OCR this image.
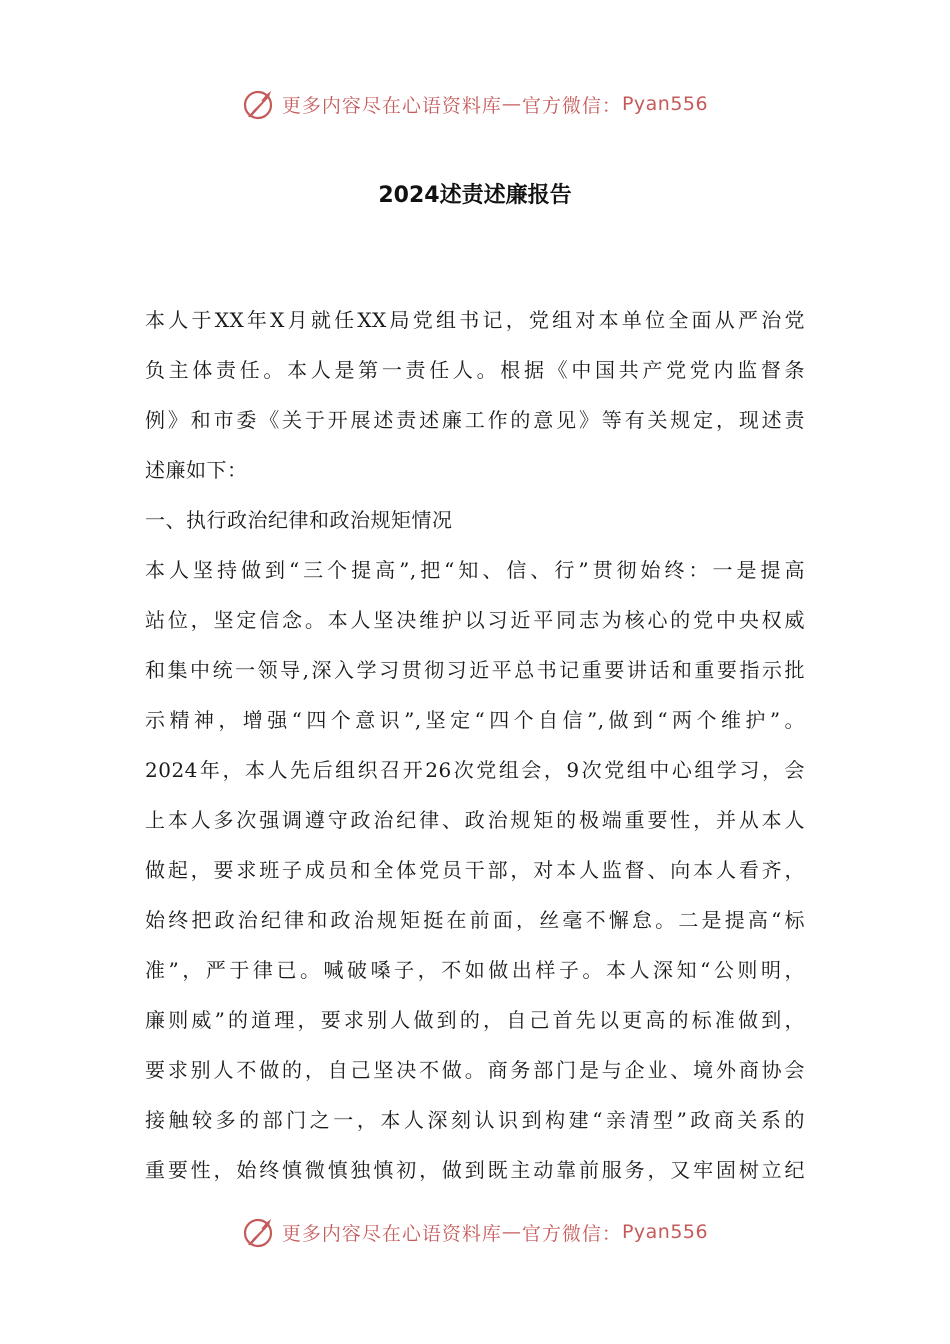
更多内容尽在心语资料库 — 官方微信： Pyan556
2024述责述廉报告
本人于XX年X月就任XX局党组书记，党组对本单位全面从严治党
负主体责任。本人是第一责任人。根据《中国共产党党内监督条
例》和市委《关于开展述责述廉工作的意见》等有关规定，现述责
述廉如下：
一、执行政治纪律和政治规矩情况
本人坚持做到“三个提高”,把“知、信、行”贯彻始终：一是提高
站位，坚定信念。本人坚决维护以习近平同志为核心的党中央权威
和集中统一领导,深入学习贯彻习近平总书记重要讲话和重要指示批
示精神，增强“四个意识”,坚定“四个自信”,做到“两个维护”。
2024年，本人先后组织召开26次党组会，9次党组中心组学习，会
上本人多次强调遵守政治纪律、政治规矩的极端重要性，并从本人
做起，要求班子成员和全体党员干部，对本人监督、向本人看齐，
始终把政治纪律和政治规矩挺在前面，丝毫不懈怠。二是提高“标
准”，严于律已。喊破嗓子，不如做出样子。本人深知“公则明，
廉则威”的道理，要求别人做到的，自己首先以更高的标准做到，
要求别人不做的，自己坚决不做。商务部门是与企业、境外商协会
接触较多的部门之一，本人深刻认识到构建“亲清型”政商关系的
重要性，始终慎微慎独慎初，做到既主动靠前服务，又牢固树立纪
更多内容尽在心语资料库 — 官方微信： Pyan556
